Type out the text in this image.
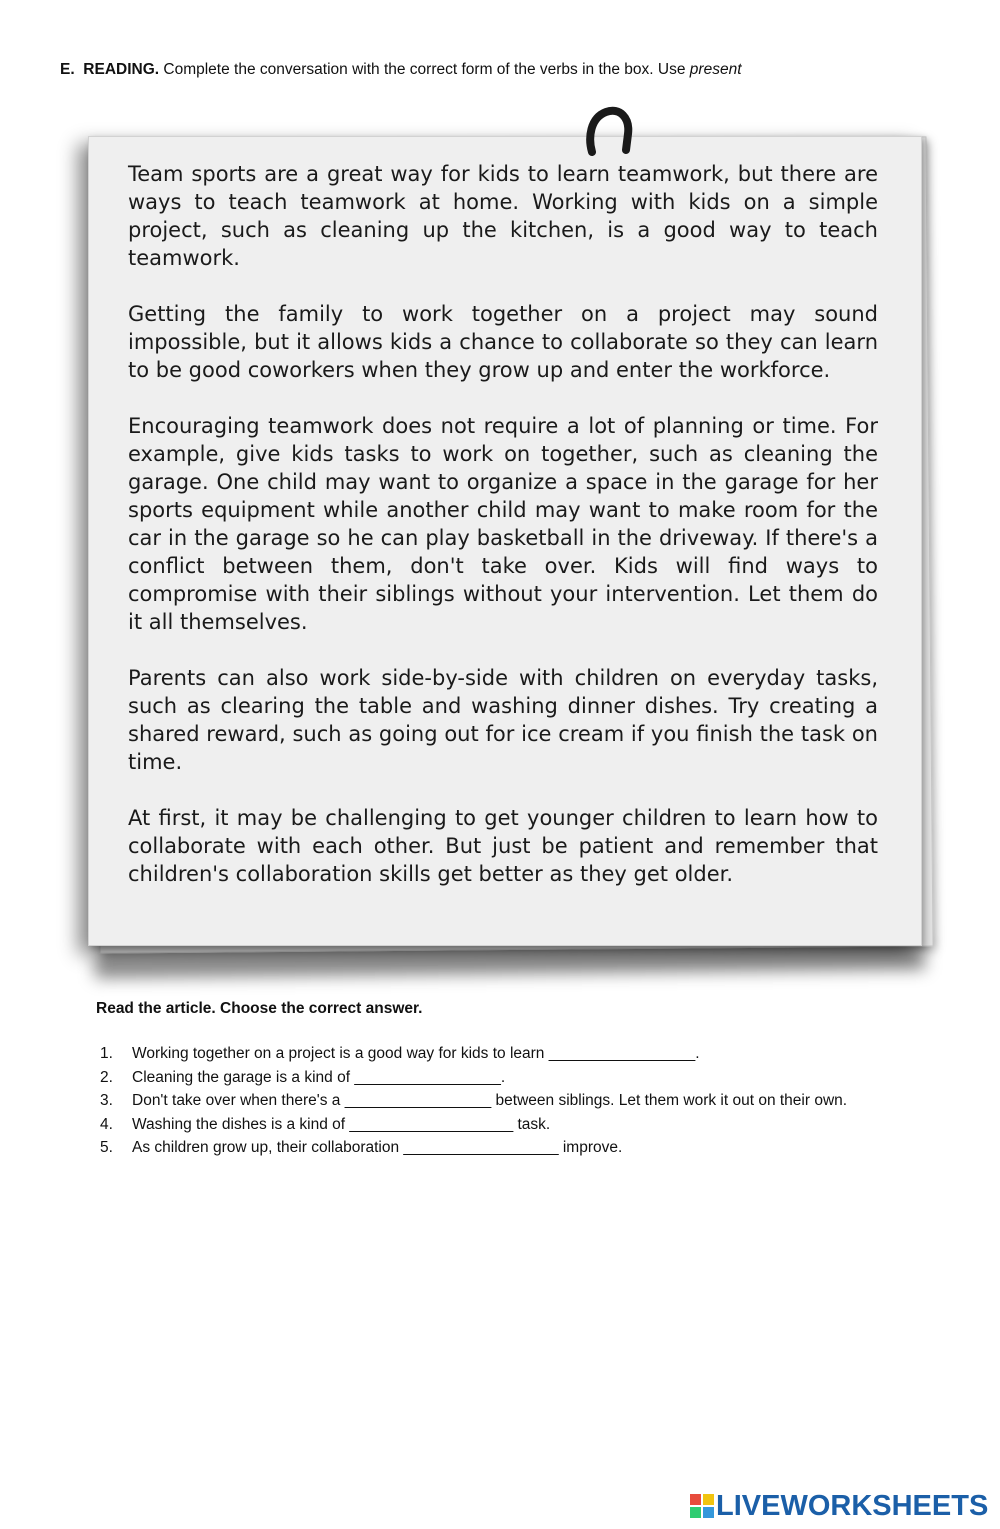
E. READING. Complete the conversation with the correct form of the verbs in the box. Use present

Team sports are a great way for kids to learn teamwork, but there are ways to teach teamwork at home. Working with kids on a simple project, such as cleaning up the kitchen, is a good way to teach teamwork.

Getting the family to work together on a project may sound impossible, but it allows kids a chance to collaborate so they can learn to be good coworkers when they grow up and enter the workforce.

Encouraging teamwork does not require a lot of planning or time. For example, give kids tasks to work on together, such as cleaning the garage. One child may want to organize a space in the garage for her sports equipment while another child may want to make room for the car in the garage so he can play basketball in the driveway. If there's a conflict between them, don't take over. Kids will find ways to compromise with their siblings without your intervention. Let them do it all themselves.

Parents can also work side-by-side with children on everyday tasks, such as clearing the table and washing dinner dishes. Try creating a shared reward, such as going out for ice cream if you finish the task on time.

At first, it may be challenging to get younger children to learn how to collaborate with each other. But just be patient and remember that children's collaboration skills get better as they get older.

Read the article. Choose the correct answer.
1. Working together on a project is a good way for kids to learn _________________.
2. Cleaning the garage is a kind of _________________.
3. Don't take over when there's a _________________ between siblings. Let them work it out on their own.
4. Washing the dishes is a kind of ___________________ task.
5. As children grow up, their collaboration __________________ improve.
LIVEWORKSHEETS
